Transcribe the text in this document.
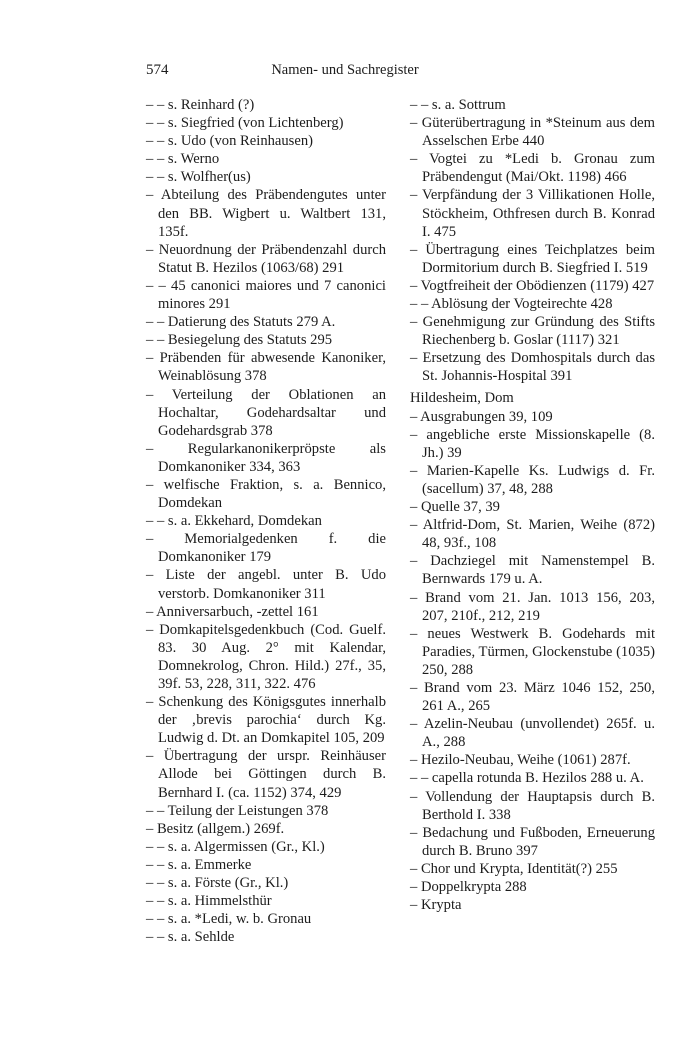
574	Namen- und Sachregister
– – s. Reinhard (?)
– – s. Siegfried (von Lichtenberg)
– – s. Udo (von Reinhausen)
– – s. Werno
– – s. Wolfher(us)
– Abteilung des Präbendengutes unter den BB. Wigbert u. Waltbert 131, 135f.
– Neuordnung der Präbendenzahl durch Statut B. Hezilos (1063/68) 291
– – 45 canonici maiores und 7 canonici minores 291
– – Datierung des Statuts 279 A.
– – Besiegelung des Statuts 295
– Präbenden für abwesende Kanoniker, Weinablösung 378
– Verteilung der Oblationen an Hochaltar, Godehardsaltar und Godehardsgrab 378
– Regularkanonikerpröpste als Domkanoniker 334, 363
– welfische Fraktion, s. a. Bennico, Domdekan
– – s. a. Ekkehard, Domdekan
– Memorialgedenken f. die Domkanoniker 179
– Liste der angebl. unter B. Udo verstorb. Domkanoniker 311
– Anniversarbuch, -zettel 161
– Domkapitelsgedenkbuch (Cod. Guelf. 83. 30 Aug. 2° mit Kalendar, Domnekrolog, Chron. Hild.) 27f., 35, 39f. 53, 228, 311, 322. 476
– Schenkung des Königsgutes innerhalb der ‚brevis parochia‘ durch Kg. Ludwig d. Dt. an Domkapitel 105, 209
– Übertragung der urspr. Reinhäuser Allode bei Göttingen durch B. Bernhard I. (ca. 1152) 374, 429
– – Teilung der Leistungen 378
– Besitz (allgem.) 269f.
– – s. a. Algermissen (Gr., Kl.)
– – s. a. Emmerke
– – s. a. Förste (Gr., Kl.)
– – s. a. Himmelsthür
– – s. a. *Ledi, w. b. Gronau
– – s. a. Sehlde
– – s. a. Sottrum
– Güterübertragung in *Steinum aus dem Asselschen Erbe 440
– Vogtei zu *Ledi b. Gronau zum Präbendengut (Mai/Okt. 1198) 466
– Verpfändung der 3 Villikationen Holle, Stöckheim, Othfresen durch B. Konrad I. 475
– Übertragung eines Teichplatzes beim Dormitorium durch B. Siegfried I. 519
– Vogtfreiheit der Obödienzen (1179) 427
– – Ablösung der Vogteirechte 428
– Genehmigung zur Gründung des Stifts Riechenberg b. Goslar (1117) 321
– Ersetzung des Domhospitals durch das St. Johannis-Hospital 391
Hildesheim, Dom
– Ausgrabungen 39, 109
– angebliche erste Missionskapelle (8. Jh.) 39
– Marien-Kapelle Ks. Ludwigs d. Fr. (sacellum) 37, 48, 288
– Quelle 37, 39
– Altfrid-Dom, St. Marien, Weihe (872) 48, 93f., 108
– Dachziegel mit Namenstempel B. Bernwards 179 u. A.
– Brand vom 21. Jan. 1013 156, 203, 207, 210f., 212, 219
– neues Westwerk B. Godehards mit Paradies, Türmen, Glockenstube (1035) 250, 288
– Brand vom 23. März 1046 152, 250, 261 A., 265
– Azelin-Neubau (unvollendet) 265f. u. A., 288
– Hezilo-Neubau, Weihe (1061) 287f.
– – capella rotunda B. Hezilos 288 u. A.
– Vollendung der Hauptapsis durch B. Berthold I. 338
– Bedachung und Fußboden, Erneuerung durch B. Bruno 397
– Chor und Krypta, Identität(?) 255
– Doppelkrypta 288
– Krypta
